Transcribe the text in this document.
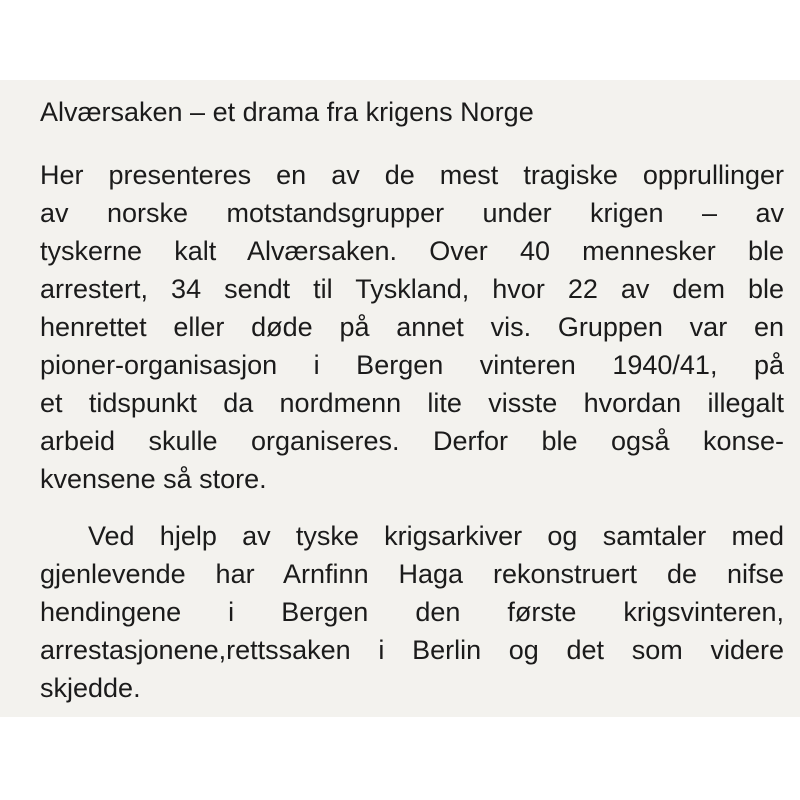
Alværsaken – et drama fra krigens Norge

Her presenteres en av de mest tragiske opprullinger

av norske motstandsgrupper under krigen – av

tyskerne kalt Alværsaken. Over 40 mennesker ble

arrestert, 34 sendt til Tyskland, hvor 22 av dem ble

henrettet eller døde på annet vis. Gruppen var en

pioner-organisasjon i Bergen vinteren 1940/41, på

et tidspunkt da nordmenn lite visste hvordan illegalt

arbeid skulle organiseres. Derfor ble også konse-

kvensene så store.

Ved hjelp av tyske krigsarkiver og samtaler med

gjenlevende har Arnfinn Haga rekonstruert de nifse

hendingene i Bergen den første krigsvinteren,

arrestasjonene,rettssaken i Berlin og det som videre

skjedde.
